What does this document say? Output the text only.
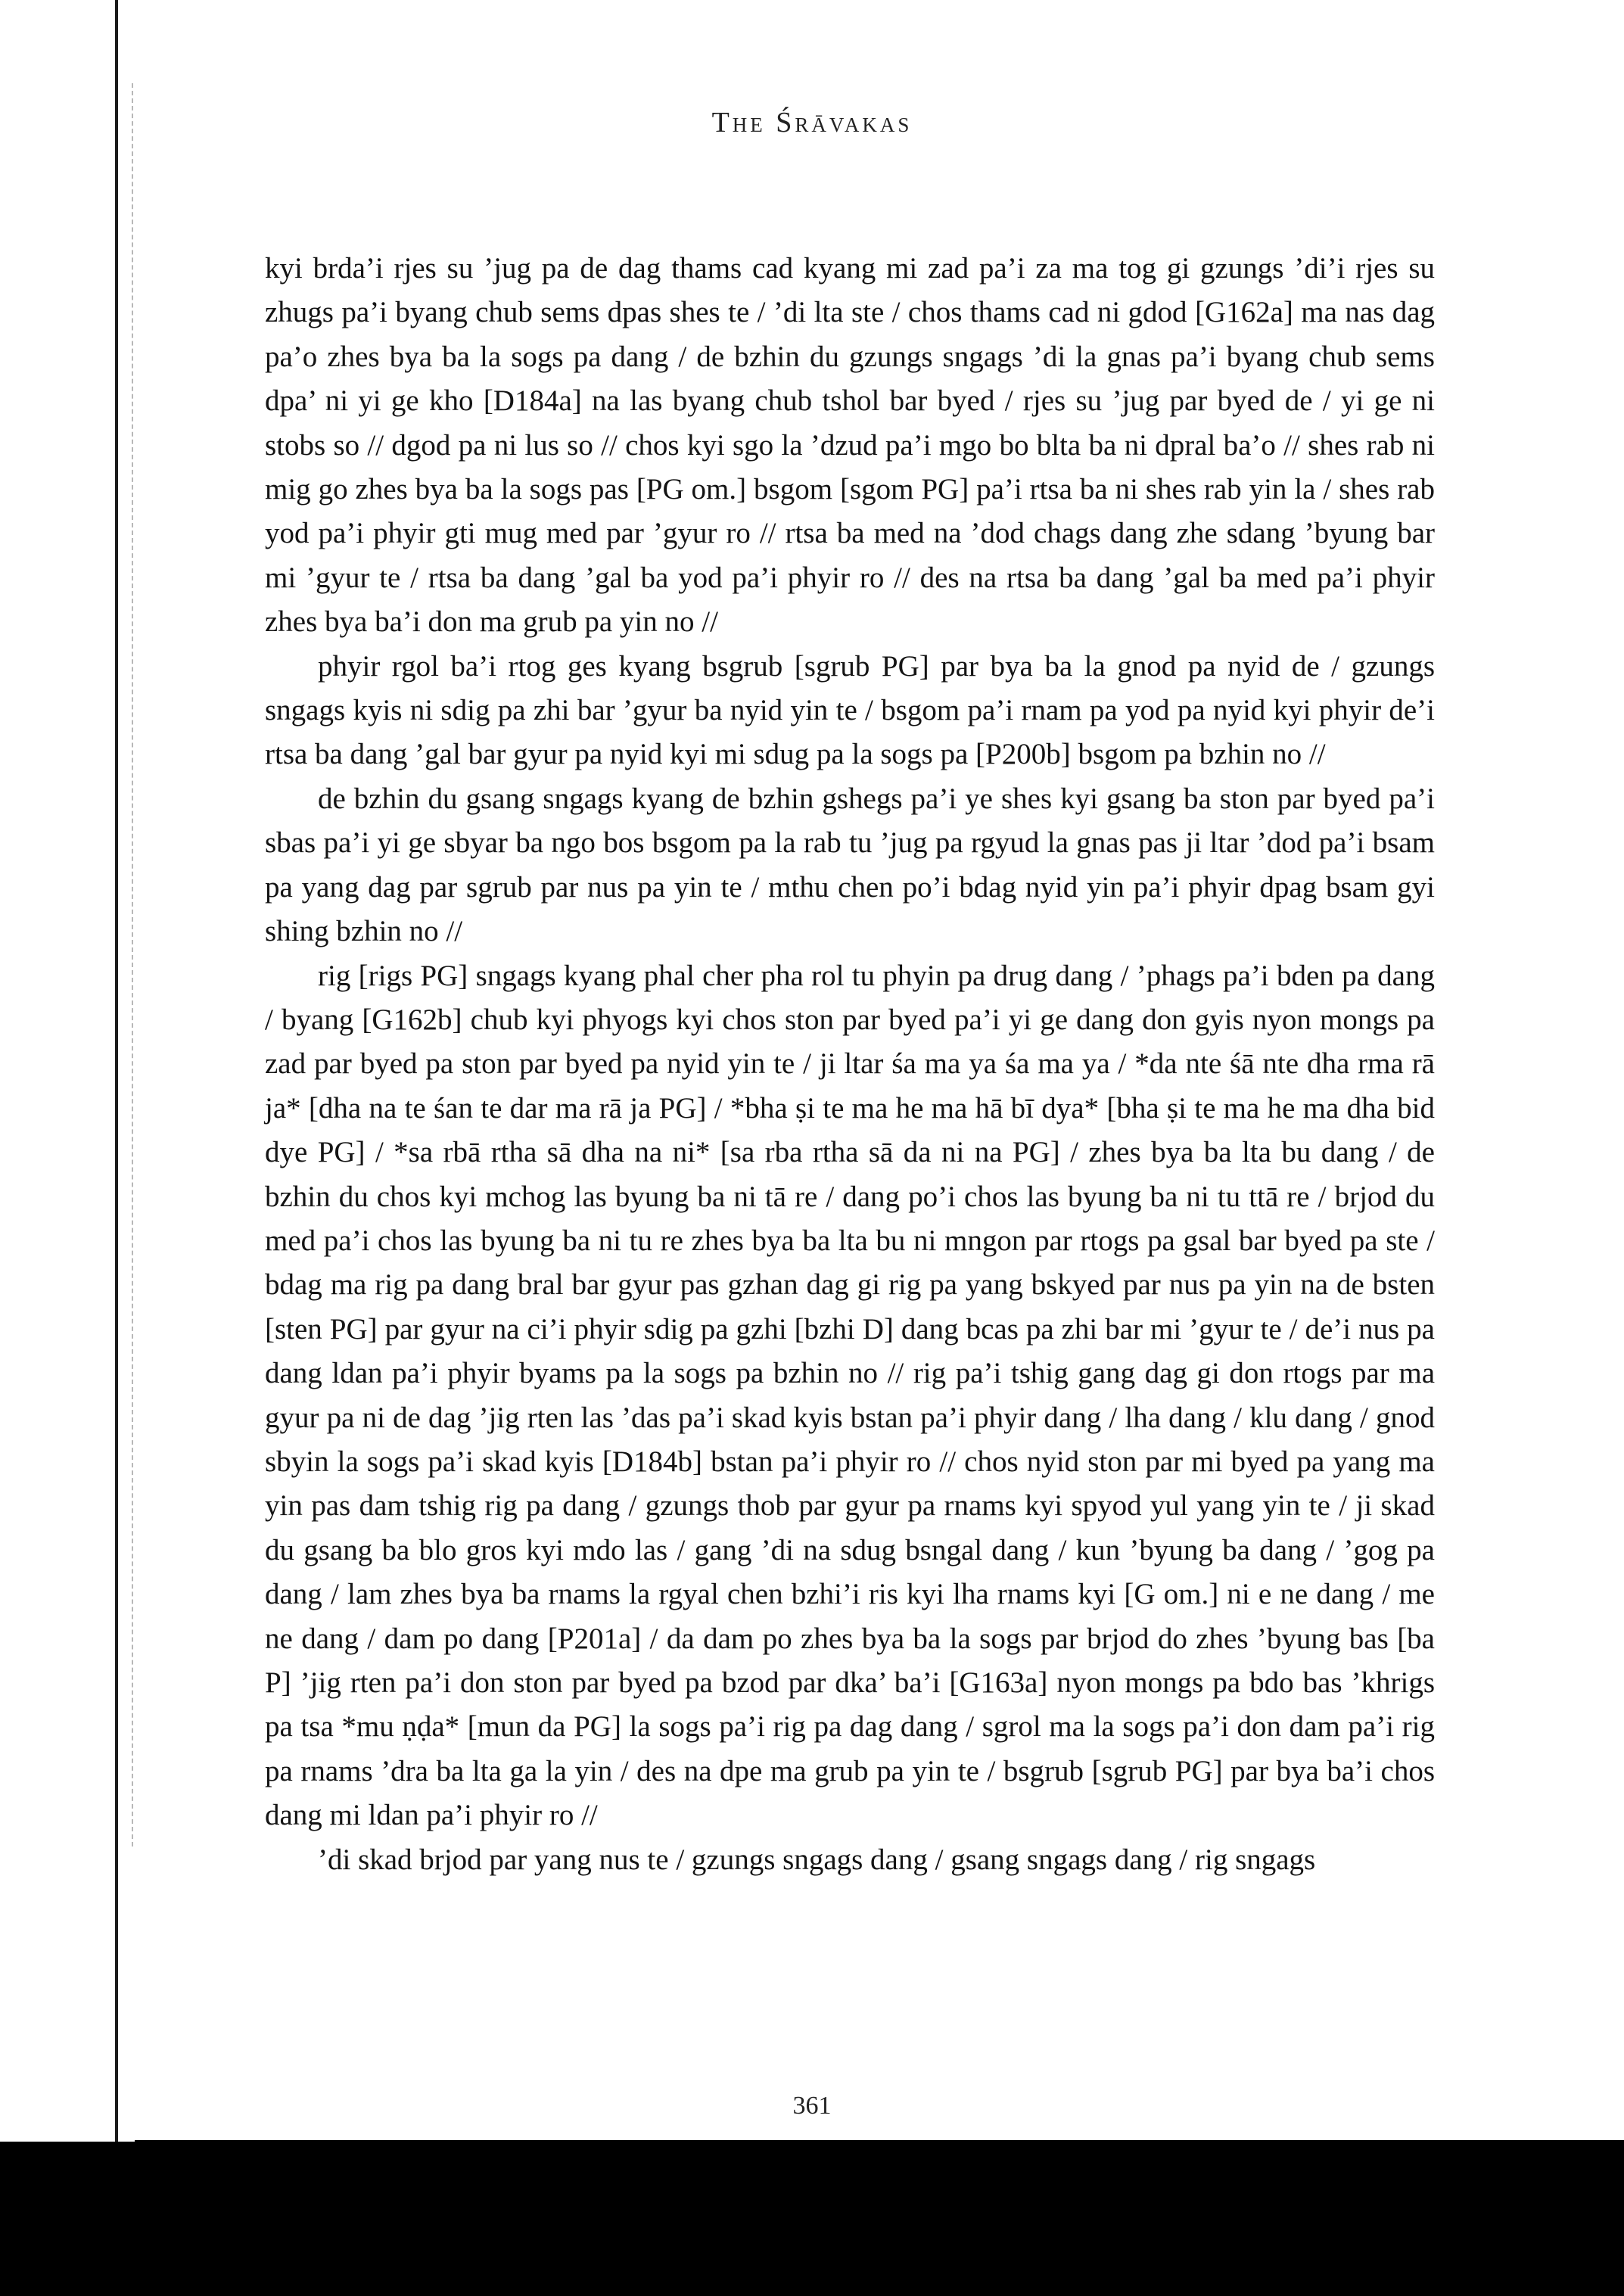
The Śrāvakas

kyi brda’i rjes su ’jug pa de dag thams cad kyang mi zad pa’i za ma tog gi gzungs ’di’i rjes su zhugs pa’i byang chub sems dpas shes te / ’di lta ste / chos thams cad ni gdod [G162a] ma nas dag pa’o zhes bya ba la sogs pa dang / de bzhin du gzungs sngags ’di la gnas pa’i byang chub sems dpa’ ni yi ge kho [D184a] na las byang chub tshol bar byed / rjes su ’jug par byed de / yi ge ni stobs so // dgod pa ni lus so // chos kyi sgo la ’dzud pa’i mgo bo blta ba ni dpral ba’o // shes rab ni mig go zhes bya ba la sogs pas [PG om.] bsgom [sgom PG] pa’i rtsa ba ni shes rab yin la / shes rab yod pa’i phyir gti mug med par ’gyur ro // rtsa ba med na ’dod chags dang zhe sdang ’byung bar mi ’gyur te / rtsa ba dang ’gal ba yod pa’i phyir ro // des na rtsa ba dang ’gal ba med pa’i phyir zhes bya ba’i don ma grub pa yin no //

phyir rgol ba’i rtog ges kyang bsgrub [sgrub PG] par bya ba la gnod pa nyid de / gzungs sngags kyis ni sdig pa zhi bar ’gyur ba nyid yin te / bsgom pa’i rnam pa yod pa nyid kyi phyir de’i rtsa ba dang ’gal bar gyur pa nyid kyi mi sdug pa la sogs pa [P200b] bsgom pa bzhin no //

de bzhin du gsang sngags kyang de bzhin gshegs pa’i ye shes kyi gsang ba ston par byed pa’i sbas pa’i yi ge sbyar ba ngo bos bsgom pa la rab tu ’jug pa rgyud la gnas pas ji ltar ’dod pa’i bsam pa yang dag par sgrub par nus pa yin te / mthu chen po’i bdag nyid yin pa’i phyir dpag bsam gyi shing bzhin no //

rig [rigs PG] sngags kyang phal cher pha rol tu phyin pa drug dang / ’phags pa’i bden pa dang / byang [G162b] chub kyi phyogs kyi chos ston par byed pa’i yi ge dang don gyis nyon mongs pa zad par byed pa ston par byed pa nyid yin te / ji ltar śa ma ya śa ma ya / *da nte śā nte dha rma rā ja* [dha na te śan te dar ma rā ja PG] / *bha ṣi te ma he ma hā bī dya* [bha ṣi te ma he ma dha bid dye PG] / *sa rbā rtha sā dha na ni* [sa rba rtha sā da ni na PG] / zhes bya ba lta bu dang / de bzhin du chos kyi mchog las byung ba ni tā re / dang po’i chos las byung ba ni tu ttā re / brjod du med pa’i chos las byung ba ni tu re zhes bya ba lta bu ni mngon par rtogs pa gsal bar byed pa ste / bdag ma rig pa dang bral bar gyur pas gzhan dag gi rig pa yang bskyed par nus pa yin na de bsten [sten PG] par gyur na ci’i phyir sdig pa gzhi [bzhi D] dang bcas pa zhi bar mi ’gyur te / de’i nus pa dang ldan pa’i phyir byams pa la sogs pa bzhin no // rig pa’i tshig gang dag gi don rtogs par ma gyur pa ni de dag ’jig rten las ’das pa’i skad kyis bstan pa’i phyir dang / lha dang / klu dang / gnod sbyin la sogs pa’i skad kyis [D184b] bstan pa’i phyir ro // chos nyid ston par mi byed pa yang ma yin pas dam tshig rig pa dang / gzungs thob par gyur pa rnams kyi spyod yul yang yin te / ji skad du gsang ba blo gros kyi mdo las / gang ’di na sdug bsngal dang / kun ’byung ba dang / ’gog pa dang / lam zhes bya ba rnams la rgyal chen bzhi’i ris kyi lha rnams kyi [G om.] ni e ne dang / me ne dang / dam po dang [P201a] / da dam po zhes bya ba la sogs par brjod do zhes ’byung bas [ba P] ’jig rten pa’i don ston par byed pa bzod par dka’ ba’i [G163a] nyon mongs pa bdo bas ’khrigs pa tsa *mu ṇḍa* [mun da PG] la sogs pa’i rig pa dag dang / sgrol ma la sogs pa’i don dam pa’i rig pa rnams ’dra ba lta ga la yin / des na dpe ma grub pa yin te / bsgrub [sgrub PG] par bya ba’i chos dang mi ldan pa’i phyir ro //

’di skad brjod par yang nus te / gzungs sngags dang / gsang sngags dang / rig sngags

361
